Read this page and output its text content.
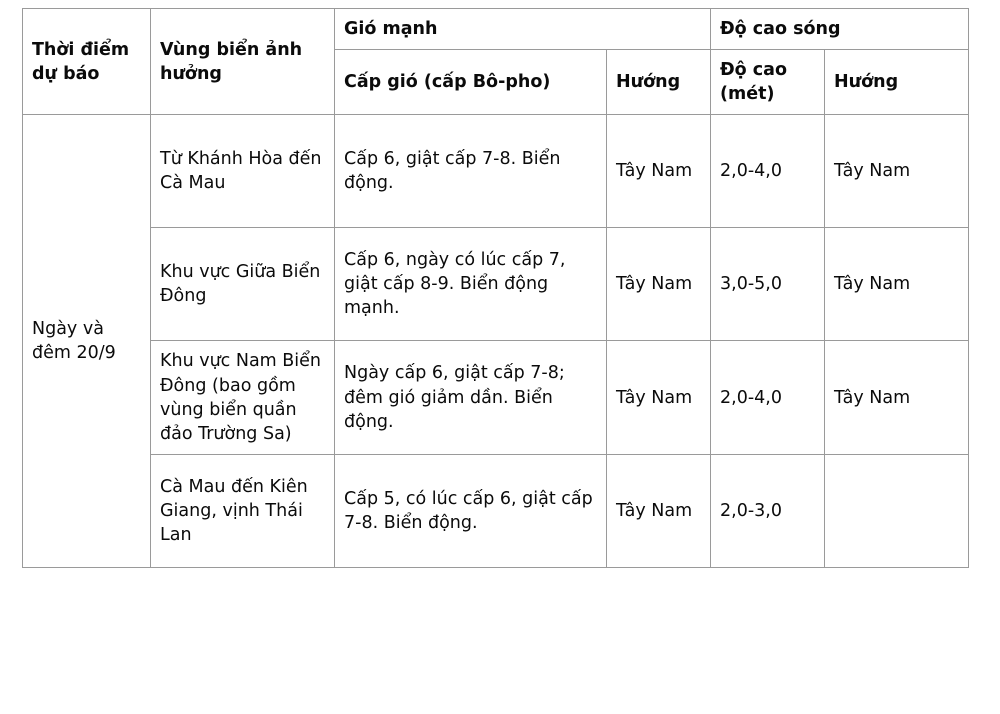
Thời điểm dự báo	Vùng biển ảnh hưởng	Gió mạnh		Độ cao sóng	
		Cấp gió (cấp Bô-pho)	Hướng	Độ cao (mét)	Hướng
Ngày và đêm 20/9	Từ Khánh Hòa đến Cà Mau	Cấp 6, giật cấp 7-8. Biển động.	Tây Nam	2,0-4,0	Tây Nam
	Khu vực Giữa Biển Đông	Cấp 6, ngày có lúc cấp 7, giật cấp 8-9. Biển động mạnh.	Tây Nam	3,0-5,0	Tây Nam
	Khu vực Nam Biển Đông (bao gồm vùng biển quần đảo Trường Sa)	Ngày cấp 6, giật cấp 7-8; đêm gió giảm dần. Biển động.	Tây Nam	2,0-4,0	Tây Nam
	Cà Mau đến Kiên Giang, vịnh Thái Lan	Cấp 5, có lúc cấp 6, giật cấp 7-8. Biển động.	Tây Nam	2,0-3,0	
